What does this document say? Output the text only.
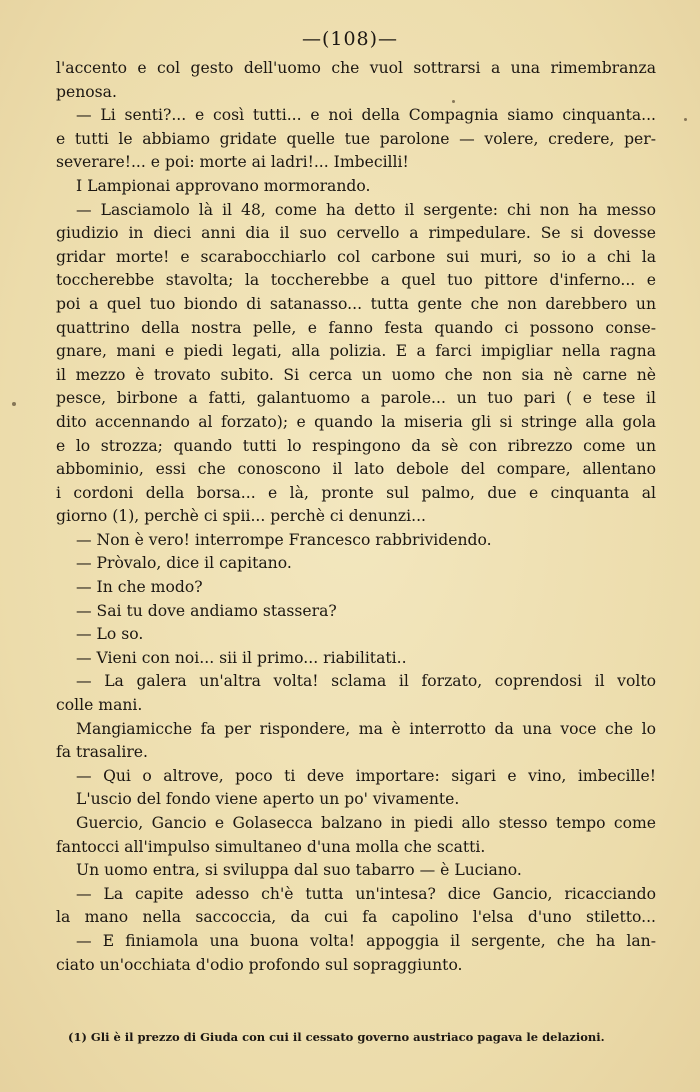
—(108)—
l'accento e col gesto dell'uomo che vuol sottrarsi a una rimembranza
penosa.
— Li senti?... e così tutti... e noi della Compagnia siamo cinquanta...
e tutti le abbiamo gridate quelle tue parolone — volere, credere, per-
severare!... e poi: morte ai ladri!... Imbecilli!
I Lampionai approvano mormorando.
— Lasciamolo là il 48, come ha detto il sergente: chi non ha messo
giudizio in dieci anni dia il suo cervello a rimpedulare. Se si dovesse
gridar morte! e scarabocchiarlo col carbone sui muri, so io a chi la
toccherebbe stavolta; la toccherebbe a quel tuo pittore d'inferno... e
poi a quel tuo biondo di satanasso... tutta gente che non darebbero un
quattrino della nostra pelle, e fanno festa quando ci possono conse-
gnare, mani e piedi legati, alla polizia. E a farci impigliar nella ragna
il mezzo è trovato subito. Si cerca un uomo che non sia nè carne nè
pesce, birbone a fatti, galantuomo a parole... un tuo pari ( e tese il
dito accennando al forzato); e quando la miseria gli si stringe alla gola
e lo strozza; quando tutti lo respingono da sè con ribrezzo come un
abbominio, essi che conoscono il lato debole del compare, allentano
i cordoni della borsa... e là, pronte sul palmo, due e cinquanta al
giorno (1), perchè ci spii... perchè ci denunzi...
— Non è vero! interrompe Francesco rabbrividendo.
— Pròvalo, dice il capitano.
— In che modo?
— Sai tu dove andiamo stassera?
— Lo so.
— Vieni con noi... sii il primo... riabilitati..
— La galera un'altra volta! sclama il forzato, coprendosi il volto
colle mani.
Mangiamicche fa per rispondere, ma è interrotto da una voce che lo
fa trasalire.
— Qui o altrove, poco ti deve importare: sigari e vino, imbecille!
L'uscio del fondo viene aperto un po' vivamente.
Guercio, Gancio e Golasecca balzano in piedi allo stesso tempo come
fantocci all'impulso simultaneo d'una molla che scatti.
Un uomo entra, si sviluppa dal suo tabarro — è Luciano.
— La capite adesso ch'è tutta un'intesa? dice Gancio, ricacciando
la mano nella saccoccia, da cui fa capolino l'elsa d'uno stiletto...
— E finiamola una buona volta! appoggia il sergente, che ha lan-
ciato un'occhiata d'odio profondo sul sopraggiunto.
(1) Gli è il prezzo di Giuda con cui il cessato governo austriaco pagava le delazioni.
